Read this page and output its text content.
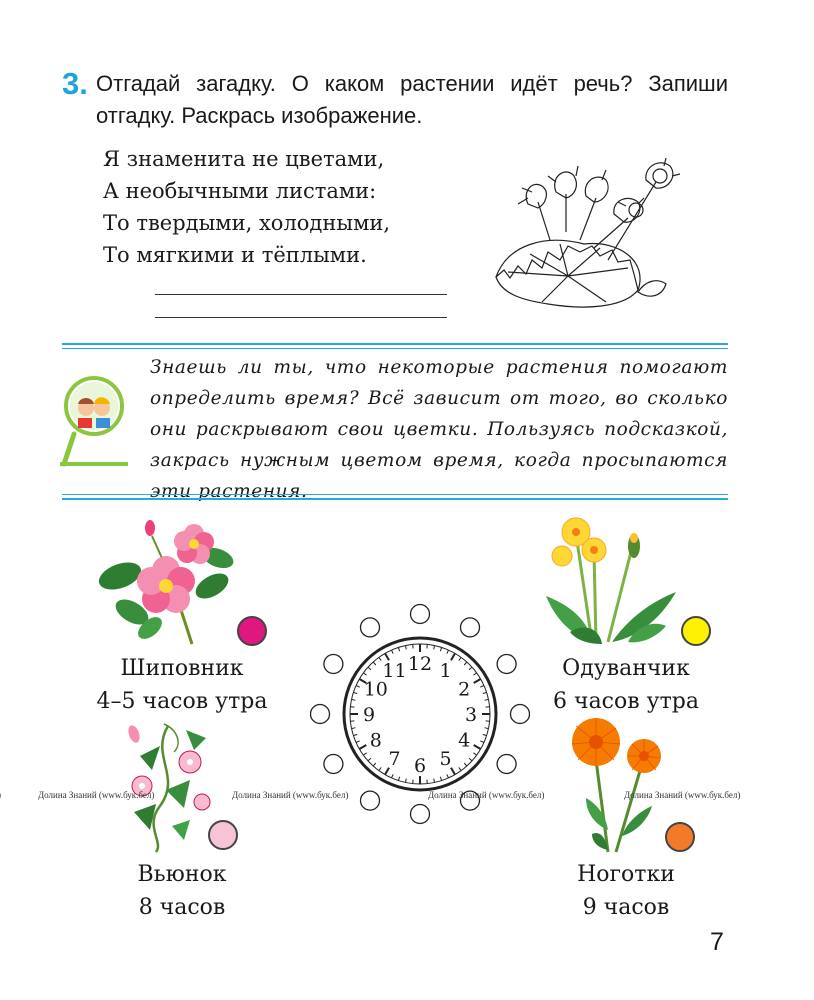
3. Отгадай загадку. О каком растении идёт речь? Запиши отгадку. Раскрась изображение.
Я знаменита не цветами,
А необычными листами:
То твердыми, холодными,
То мягкими и тёплыми.
Знаешь ли ты, что некоторые растения помогают определить время? Всё зависит от того, во сколько они раскрывают свои цветки. Пользуясь подсказкой, закрась нужным цветом время, когда просыпаются эти растения.
Шиповник
4–5 часов утра
Одуванчик
6 часов утра
Вьюнок
8 часов
Ноготки
9 часов
12 1
2
3
4
5
6
7
8
9
10
11
Долина Знаний (www.бук.бел)	Долина Знаний (www.бук.бел)	Долина Знаний (www.бук.бел)	Долина Знаний (www.бук.бел)
7
